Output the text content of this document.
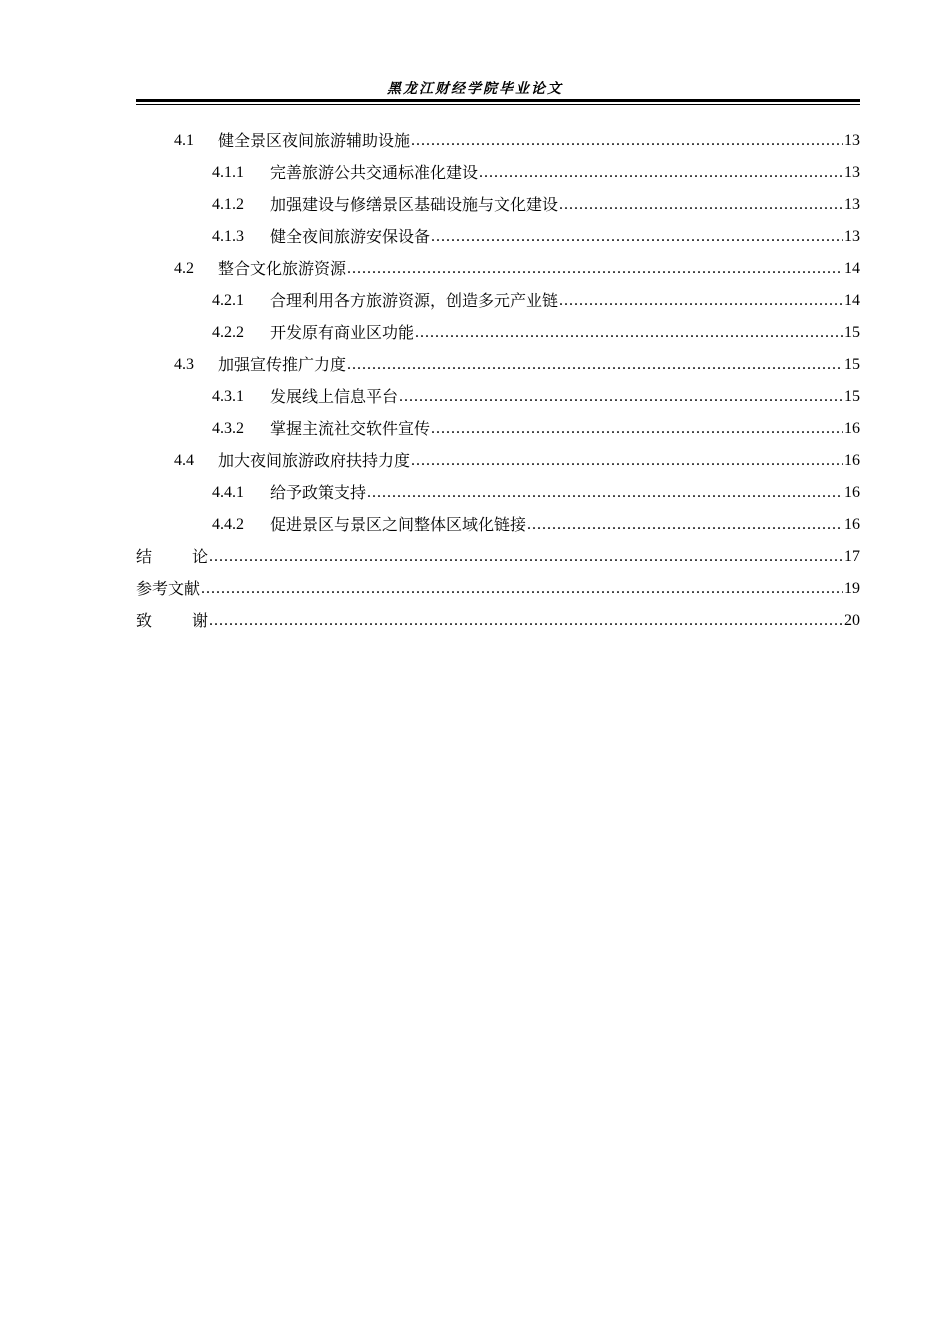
黑龙江财经学院毕业论文
4.1	健全景区夜间旅游辅助设施 .....	13
4.1.1	完善旅游公共交通标准化建设 .....	13
4.1.2	加强建设与修缮景区基础设施与文化建设 .....	13
4.1.3	健全夜间旅游安保设备 .....	13
4.2	整合文化旅游资源 .....	14
4.2.1	合理利用各方旅游资源，创造多元产业链 .....	14
4.2.2	开发原有商业区功能 .....	15
4.3	加强宣传推广力度 .....	15
4.3.1	发展线上信息平台 .....	15
4.3.2	掌握主流社交软件宣传 .....	16
4.4	加大夜间旅游政府扶持力度 .....	16
4.4.1	给予政策支持 .....	16
4.4.2	促进景区与景区之间整体区域化链接 .....	16
结论 .....	17
参考文献 .....	19
致谢 .....	20
